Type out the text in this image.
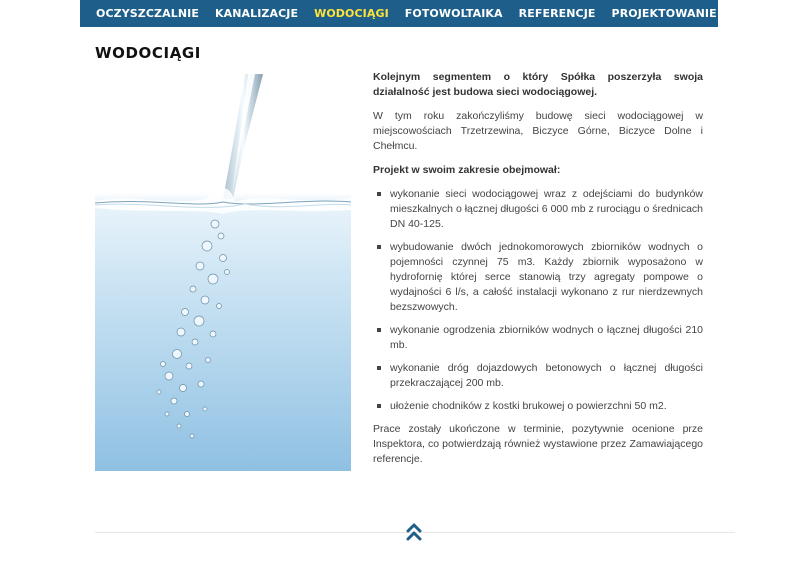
OCZYSZCZALNIE KANALIZACJE WODOCIĄGI FOTOWOLTAIKA REFERENCJE PROJEKTOWANIE KONTAKT
WODOCIĄGI

Kolejnym segmentem o który Spółka poszerzyła swoja działalność jest budowa sieci wodociągowej.

W tym roku zakończyliśmy budowę sieci wodociągowej w miejscowościach Trzetrzewina, Biczyce Górne, Biczyce Dolne i Chełmcu.

Projekt w swoim zakresie obejmował:

wykonanie sieci wodociągowej wraz z odejściami do budynków mieszkalnych o łącznej długości 6 000 mb z rurociągu o średnicach DN 40-125.
wybudowanie dwóch jednokomorowych zbiorników wodnych o pojemności czynnej 75 m3. Każdy zbiornik wyposażono w hydrofornię której serce stanowią trzy agregaty pompowe o wydajności 6 l/s, a całość instalacji wykonano z rur nierdzewnych bezszwowych.
wykonanie ogrodzenia zbiorników wodnych o łącznej długości 210 mb.
wykonanie dróg dojazdowych betonowych o łącznej długości przekraczającej 200 mb.
ułożenie chodników z kostki brukowej o powierzchni 50 m2.

Prace zostały ukończone w terminie, pozytywnie ocenione prze Inspektora, co potwierdzają również wystawione przez Zamawiającego referencje.
